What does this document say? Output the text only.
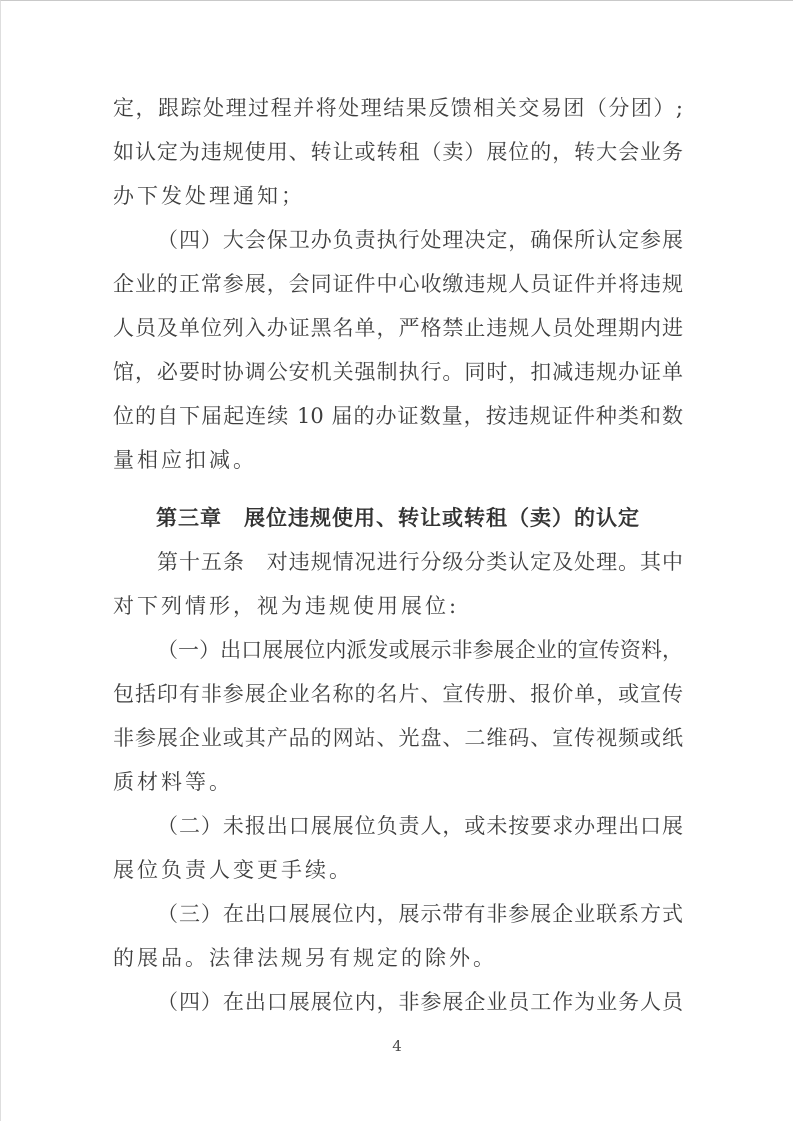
定，跟踪处理过程并将处理结果反馈相关交易团（分团）;
如认定为违规使用、转让或转租（卖）展位的，转大会业务
办下发处理通知；
（四）大会保卫办负责执行处理决定，确保所认定参展
企业的正常参展，会同证件中心收缴违规人员证件并将违规
人员及单位列入办证黑名单，严格禁止违规人员处理期内进
馆，必要时协调公安机关强制执行。同时，扣减违规办证单
位的自下届起连续 10 届的办证数量，按违规证件种类和数
量相应扣减。
第三章　展位违规使用、转让或转租（卖）的认定
第十五条　对违规情况进行分级分类认定及处理。其中
对下列情形，视为违规使用展位:
（一）出口展展位内派发或展示非参展企业的宣传资料，
包括印有非参展企业名称的名片、宣传册、报价单，或宣传
非参展企业或其产品的网站、光盘、二维码、宣传视频或纸
质材料等。
（二）未报出口展展位负责人，或未按要求办理出口展
展位负责人变更手续。
（三）在出口展展位内，展示带有非参展企业联系方式
的展品。法律法规另有规定的除外。
（四）在出口展展位内，非参展企业员工作为业务人员
4
